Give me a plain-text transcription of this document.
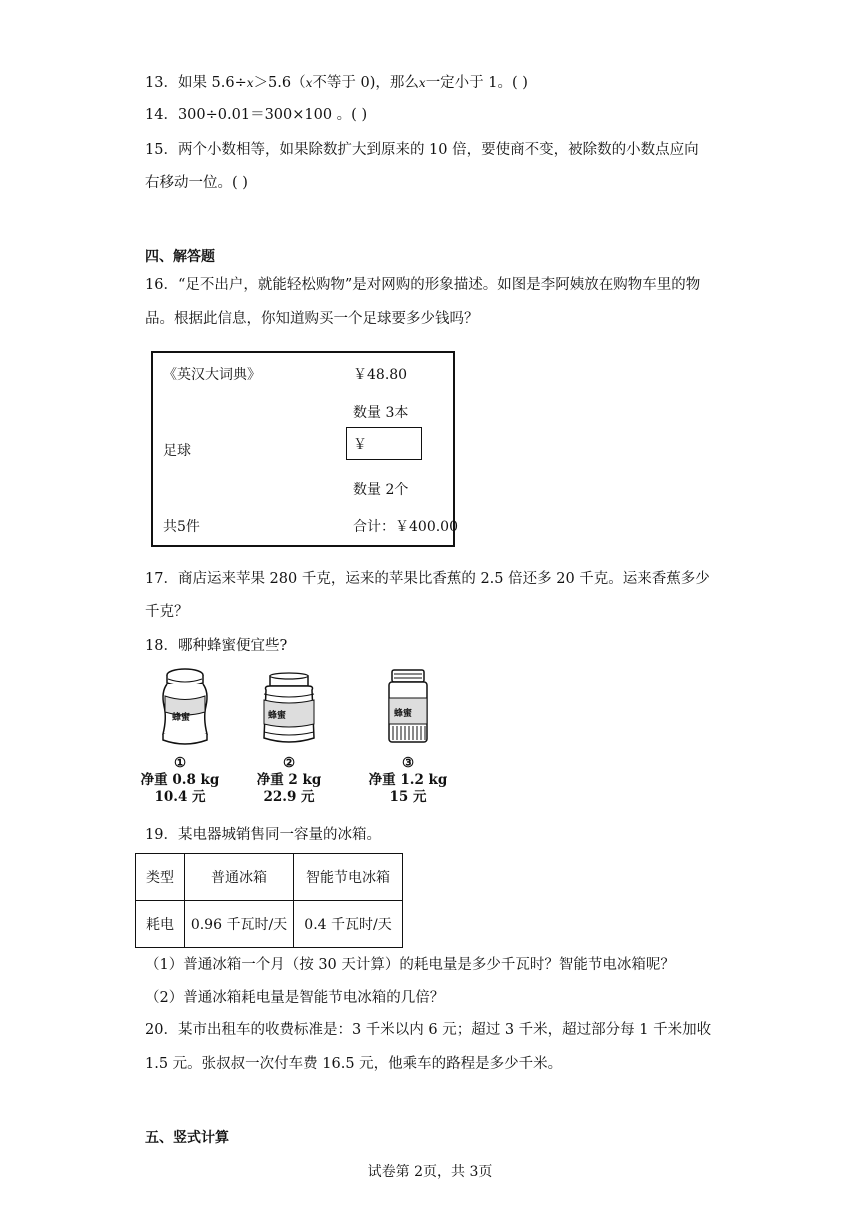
13．如果 5.6÷x＞5.6（x不等于 0)，那么x一定小于 1。( )
14．300÷0.01＝300×100 。( )
15．两个小数相等，如果除数扩大到原来的 10 倍，要使商不变，被除数的小数点应向
右移动一位。( )
四、解答题
16．“足不出户，就能轻松购物”是对网购的形象描述。如图是李阿姨放在购物车里的物
品。根据此信息，你知道购买一个足球要多少钱吗？
《英汉大词典》	￥48.80
数量 3本
足球	￥
数量 2个
共5件	合计：￥400.00
17．商店运来苹果 280 千克，运来的苹果比香蕉的 2.5 倍还多 20 千克。运来香蕉多少
千克？
18．哪种蜂蜜便宜些?
蜂蜜
①
净重 0.8 kg
10.4 元
蜂蜜
②
净重 2 kg
22.9 元
蜂蜜
③
净重 1.2 kg
15 元
19．某电器城销售同一容量的冰箱。
类型	普通冰箱	智能节电冰箱
耗电	0.96 千瓦时/天	0.4 千瓦时/天
（1）普通冰箱一个月（按 30 天计算）的耗电量是多少千瓦时？智能节电冰箱呢？
（2）普通冰箱耗电量是智能节电冰箱的几倍？
20．某市出租车的收费标准是：3 千米以内 6 元；超过 3 千米，超过部分每 1 千米加收
1.5 元。张叔叔一次付车费 16.5 元，他乘车的路程是多少千米。
五、竖式计算
试卷第 2页，共 3页
